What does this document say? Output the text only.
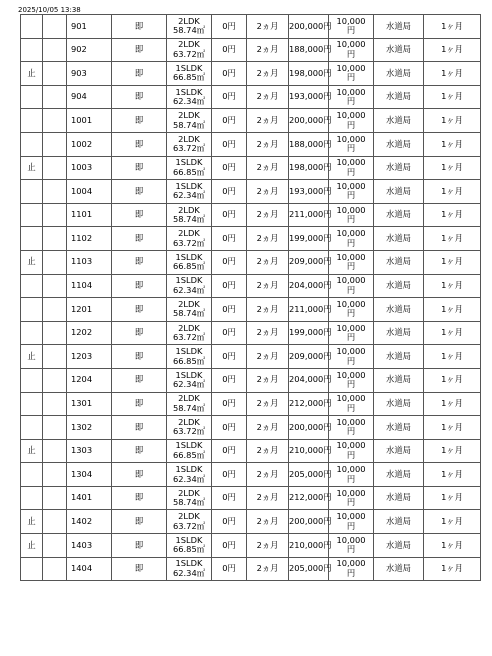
2025/10/05 13:38
		901	即	2LDK
58.74㎡	0円	2ヵ月	200,000円	10,000
円	水道局	1ヶ月
		902	即	2LDK
63.72㎡	0円	2ヵ月	188,000円	10,000
円	水道局	1ヶ月
止		903	即	1SLDK
66.85㎡	0円	2ヵ月	198,000円	10,000
円	水道局	1ヶ月
		904	即	1SLDK
62.34㎡	0円	2ヵ月	193,000円	10,000
円	水道局	1ヶ月
		1001	即	2LDK
58.74㎡	0円	2ヵ月	200,000円	10,000
円	水道局	1ヶ月
		1002	即	2LDK
63.72㎡	0円	2ヵ月	188,000円	10,000
円	水道局	1ヶ月
止		1003	即	1SLDK
66.85㎡	0円	2ヵ月	198,000円	10,000
円	水道局	1ヶ月
		1004	即	1SLDK
62.34㎡	0円	2ヵ月	193,000円	10,000
円	水道局	1ヶ月
		1101	即	2LDK
58.74㎡	0円	2ヵ月	211,000円	10,000
円	水道局	1ヶ月
		1102	即	2LDK
63.72㎡	0円	2ヵ月	199,000円	10,000
円	水道局	1ヶ月
止		1103	即	1SLDK
66.85㎡	0円	2ヵ月	209,000円	10,000
円	水道局	1ヶ月
		1104	即	1SLDK
62.34㎡	0円	2ヵ月	204,000円	10,000
円	水道局	1ヶ月
		1201	即	2LDK
58.74㎡	0円	2ヵ月	211,000円	10,000
円	水道局	1ヶ月
		1202	即	2LDK
63.72㎡	0円	2ヵ月	199,000円	10,000
円	水道局	1ヶ月
止		1203	即	1SLDK
66.85㎡	0円	2ヵ月	209,000円	10,000
円	水道局	1ヶ月
		1204	即	1SLDK
62.34㎡	0円	2ヵ月	204,000円	10,000
円	水道局	1ヶ月
		1301	即	2LDK
58.74㎡	0円	2ヵ月	212,000円	10,000
円	水道局	1ヶ月
		1302	即	2LDK
63.72㎡	0円	2ヵ月	200,000円	10,000
円	水道局	1ヶ月
止		1303	即	1SLDK
66.85㎡	0円	2ヵ月	210,000円	10,000
円	水道局	1ヶ月
		1304	即	1SLDK
62.34㎡	0円	2ヵ月	205,000円	10,000
円	水道局	1ヶ月
		1401	即	2LDK
58.74㎡	0円	2ヵ月	212,000円	10,000
円	水道局	1ヶ月
止		1402	即	2LDK
63.72㎡	0円	2ヵ月	200,000円	10,000
円	水道局	1ヶ月
止		1403	即	1SLDK
66.85㎡	0円	2ヵ月	210,000円	10,000
円	水道局	1ヶ月
		1404	即	1SLDK
62.34㎡	0円	2ヵ月	205,000円	10,000
円	水道局	1ヶ月
